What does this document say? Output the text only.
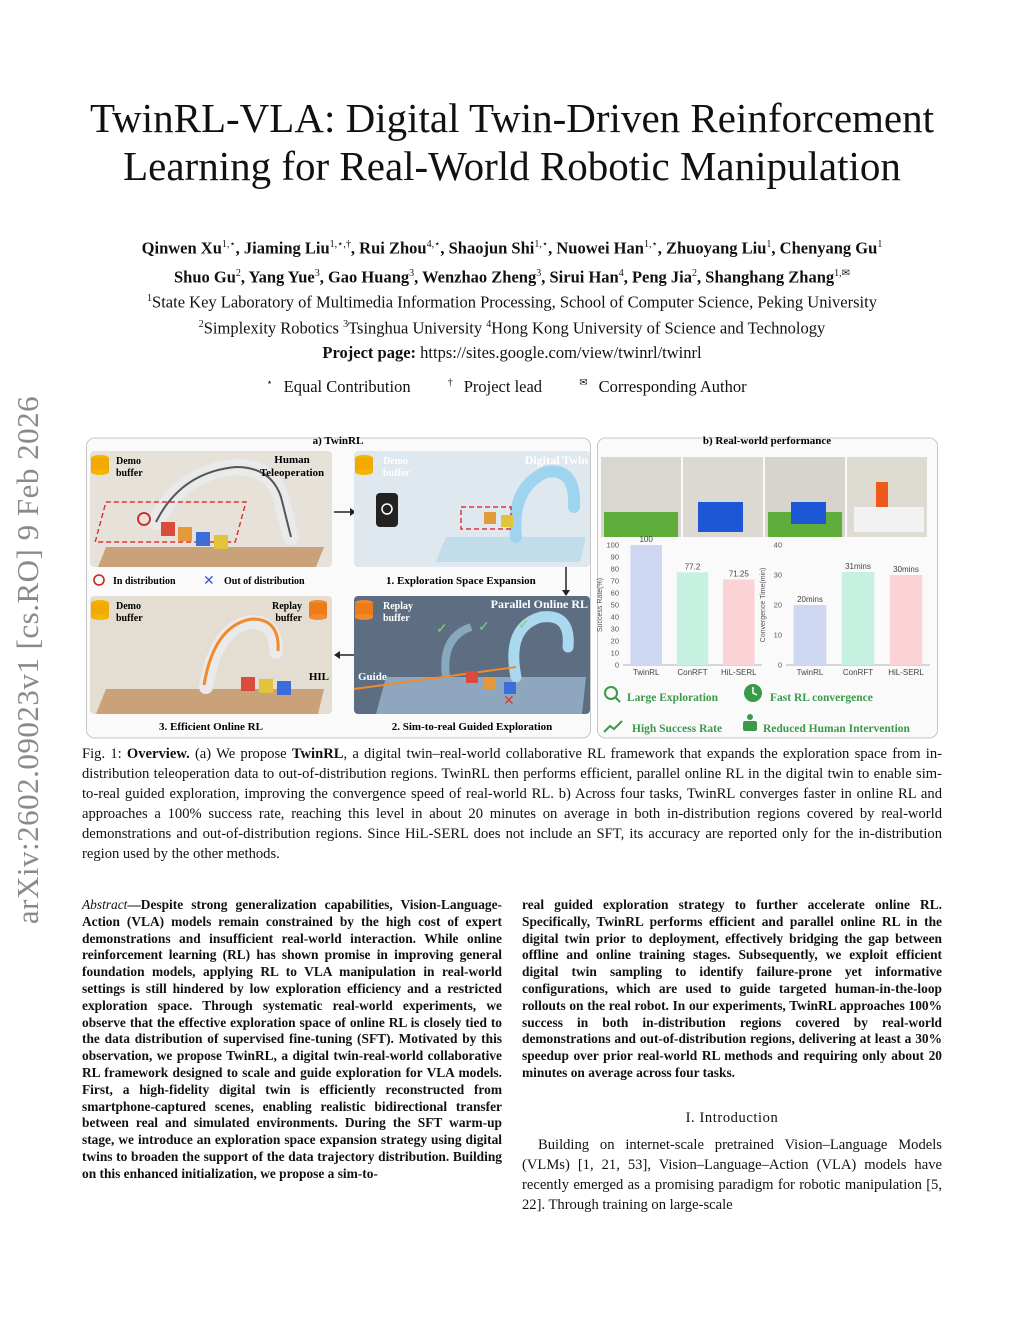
arXiv:2602.09023v1 [cs.RO] 9 Feb 2026
TwinRL-VLA: Digital Twin-Driven Reinforcement
Learning for Real-World Robotic Manipulation
Qinwen $Xu^{1,⋆}$, Jiaming Liu$^{1,⋆,\dagger}$, Rui Zhou$^{4,⋆}$, Shaojun Shi$^{1,⋆}$, Nuowei Han$^{1,⋆}$, Zhuoyang Liu$^1$, Chenyang Gu$^1$
Shuo Gu$^2$, Yang Yue$^3$, Gao Huang$^3$, Wenzhao Zheng$^3$, Sirui Han$^4$, Peng Jia$^2$, Shanghang Zhang$^{1,✉}$
$^1$State Key Laboratory of Multimedia Information Processing, School of Computer Science, Peking University
$^2$Simplexity Robotics $^3$Tsinghua University $^4$Hong Kong University of Science and Technology
Project page: https://sites.google.com/view/twinrl/twinrl
⋆ Equal Contribution	† Project lead	✉ Corresponding Author
a) TwinRL	b) Real-world performance
Demo
buffer
Human
Teleoperation
Demo
buffer
Digital Twin
In distribution ✕ Out of distribution	1. Exploration Space Expansion
Demo
buffer
Replay
buffer
HIL
✓ ✓ ✓
✕
Replay
buffer
Parallel Online RL
Guide
3. Efficient Online RL	2. Sim-to-real Guided Exploration
Success Rate(%)
0
10
20
30
40
50
60
70
80
90
100
100
TwinRL
77.2
ConRFT
71.25
HiL-SERL
Convergence Time(min)
0
10
20
30
40
20mins
TwinRL
31mins
ConRFT
30mins
HiL-SERL
Large Exploration	Fast RL convergence
High Success Rate	Reduced Human Intervention
Fig. 1: Overview. (a) We propose TwinRL, a digital twin–real-world collaborative RL framework that expands the exploration space from in-distribution teleoperation data to out-of-distribution regions. TwinRL then performs efficient, parallel online RL in the digital twin to enable sim-to-real guided exploration, improving the convergence speed of real-world RL. b) Across four tasks, TwinRL converges faster in online RL and approaches a 100% success rate, reaching this level in about 20 minutes on average in both in-distribution regions covered by real-world demonstrations and out-of-distribution regions. Since HiL-SERL does not include an SFT, its accuracy are reported only for the in-distribution region used by the other methods.
Abstract—Despite strong generalization capabilities, Vision-Language-Action (VLA) models remain constrained by the high cost of expert demonstrations and insufficient real-world interaction. While online reinforcement learning (RL) has shown promise in improving general foundation models, applying RL to VLA manipulation in real-world settings is still hindered by low exploration efficiency and a restricted exploration space. Through systematic real-world experiments, we observe that the effective exploration space of online RL is closely tied to the data distribution of supervised fine-tuning (SFT). Motivated by this observation, we propose TwinRL, a digital twin-real-world collaborative RL framework designed to scale and guide exploration for VLA models. First, a high-fidelity digital twin is efficiently reconstructed from smartphone-captured scenes, enabling realistic bidirectional transfer between real and simulated environments. During the SFT warm-up stage, we introduce an exploration space expansion strategy using digital twins to broaden the support of the data trajectory distribution. Building on this enhanced initialization, we propose a sim-to-
real guided exploration strategy to further accelerate online RL. Specifically, TwinRL performs efficient and parallel online RL in the digital twin prior to deployment, effectively bridging the gap between offline and online training stages. Subsequently, we exploit efficient digital twin sampling to identify failure-prone yet informative configurations, which are used to guide targeted human-in-the-loop rollouts on the real robot. In our experiments, TwinRL approaches 100% success in both in-distribution regions covered by real-world demonstrations and out-of-distribution regions, delivering at least a 30% speedup over prior real-world RL methods and requiring only about 20 minutes on average across four tasks.
I. Introduction
Building on internet-scale pretrained Vision–Language Models (VLMs) [1, 21, 53], Vision–Language–Action (VLA) models have recently emerged as a promising paradigm for robotic manipulation [5, 22]. Through training on large-scale
